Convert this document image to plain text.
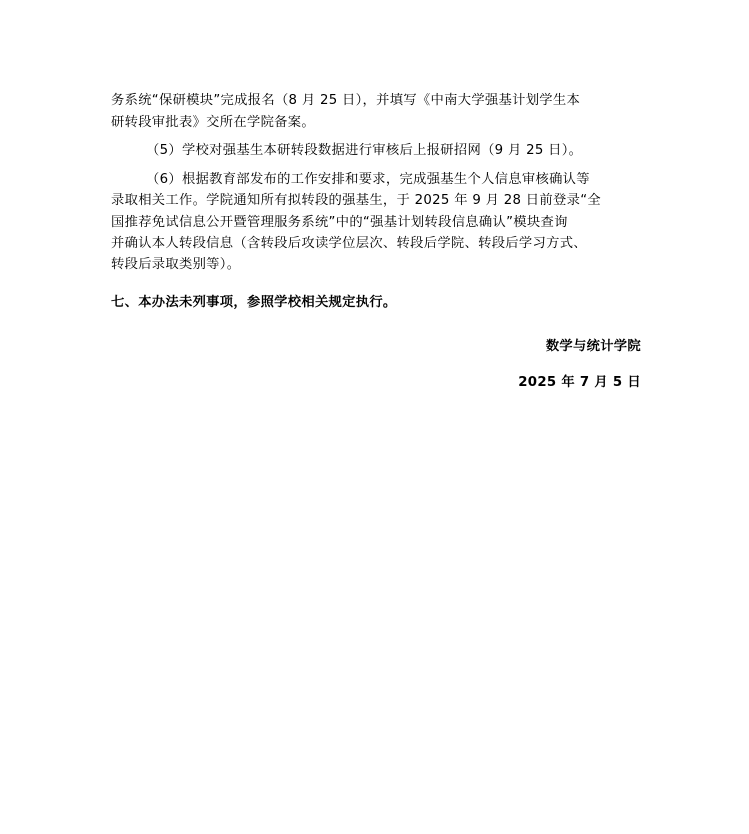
务系统“保研模块”完成报名（8 月 25 日），并填写《中南大学强基计划学生本
研转段审批表》交所在学院备案。
（5）学校对强基生本研转段数据进行审核后上报研招网（9 月 25 日）。
（6）根据教育部发布的工作安排和要求，完成强基生个人信息审核确认等
录取相关工作。学院通知所有拟转段的强基生，于 2025 年 9 月 28 日前登录“全
国推荐免试信息公开暨管理服务系统”中的“强基计划转段信息确认”模块查询
并确认本人转段信息（含转段后攻读学位层次、转段后学院、转段后学习方式、
转段后录取类别等）。
七、本办法未列事项，参照学校相关规定执行。
数学与统计学院
2025 年 7 月 5 日
